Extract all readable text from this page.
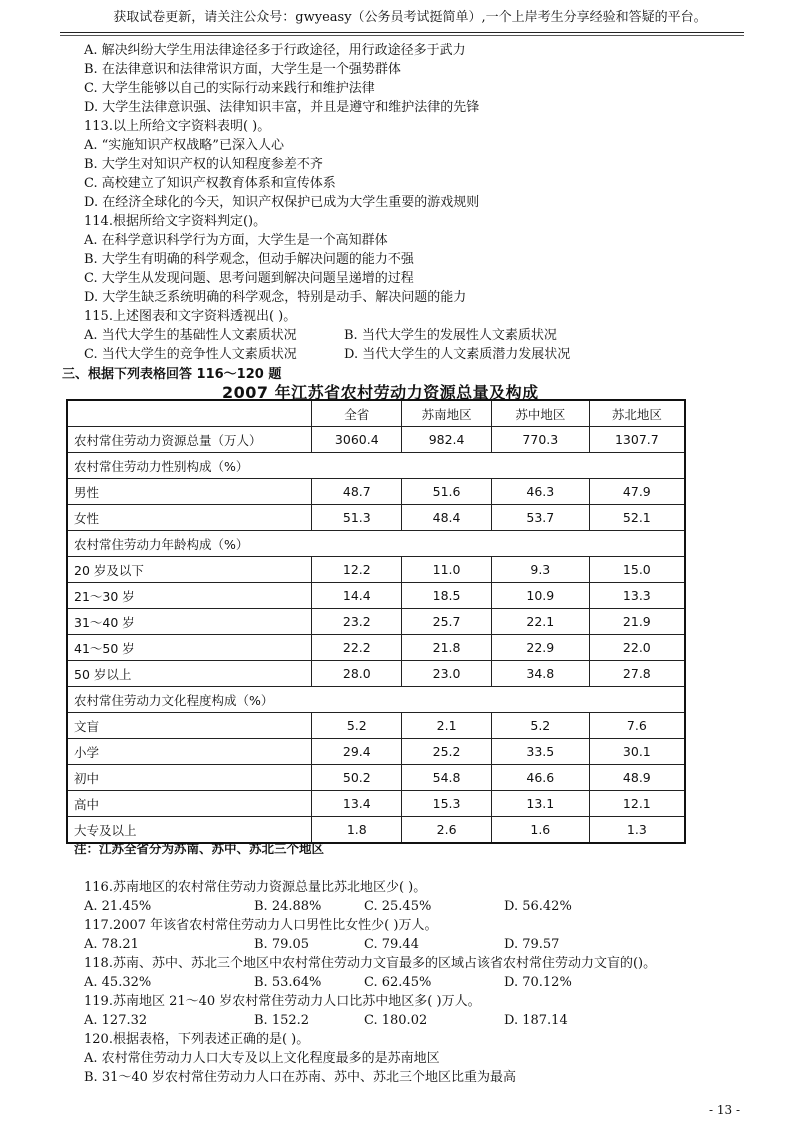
获取试卷更新，请关注公众号：gwyeasy（公务员考试挺简单）,一个上岸考生分享经验和答疑的平台。
A. 解决纠纷大学生用法律途径多于行政途径，用行政途径多于武力
B. 在法律意识和法律常识方面，大学生是一个强势群体
C. 大学生能够以自己的实际行动来践行和维护法律
D. 大学生法律意识强、法律知识丰富，并且是遵守和维护法律的先锋
113.以上所给文字资料表明( )。
A. “实施知识产权战略”已深入人心
B. 大学生对知识产权的认知程度参差不齐
C. 高校建立了知识产权教育体系和宣传体系
D. 在经济全球化的今天，知识产权保护已成为大学生重要的游戏规则
114.根据所给文字资料判定()。
A. 在科学意识科学行为方面，大学生是一个高知群体
B. 大学生有明确的科学观念，但动手解决问题的能力不强
C. 大学生从发现问题、思考问题到解决问题呈递增的过程
D. 大学生缺乏系统明确的科学观念，特别是动手、解决问题的能力
115.上述图表和文字资料透视出( )。
A. 当代大学生的基础性人文素质状况	B. 当代大学生的发展性人文素质状况
C. 当代大学生的竞争性人文素质状况	D. 当代大学生的人文素质潜力发展状况
三、根据下列表格回答 116～120 题
2007 年江苏省农村劳动力资源总量及构成
	全省	苏南地区	苏中地区	苏北地区
农村常住劳动力资源总量（万人）	3060.4	982.4	770.3	1307.7
农村常住劳动力性别构成（%）				
男性	48.7	51.6	46.3	47.9
女性	51.3	48.4	53.7	52.1
农村常住劳动力年龄构成（%）				
20 岁及以下	12.2	11.0	9.3	15.0
21～30 岁	14.4	18.5	10.9	13.3
31～40 岁	23.2	25.7	22.1	21.9
41～50 岁	22.2	21.8	22.9	22.0
50 岁以上	28.0	23.0	34.8	27.8
农村常住劳动力文化程度构成（%）				
文盲	5.2	2.1	5.2	7.6
小学	29.4	25.2	33.5	30.1
初中	50.2	54.8	46.6	48.9
高中	13.4	15.3	13.1	12.1
大专及以上	1.8	2.6	1.6	1.3
注：江苏全省分为苏南、苏中、苏北三个地区
116.苏南地区的农村常住劳动力资源总量比苏北地区少( )。
A. 21.45%	B. 24.88%	C. 25.45%	D. 56.42%
117.2007 年该省农村常住劳动力人口男性比女性少( )万人。
A. 78.21	B. 79.05	C. 79.44	D. 79.57
118.苏南、苏中、苏北三个地区中农村常住劳动力文盲最多的区域占该省农村常住劳动力文盲的()。
A. 45.32%	B. 53.64%	C. 62.45%	D. 70.12%
119.苏南地区 21～40 岁农村常住劳动力人口比苏中地区多( )万人。
A. 127.32	B. 152.2	C. 180.02	D. 187.14
120.根据表格，下列表述正确的是( )。
A. 农村常住劳动力人口大专及以上文化程度最多的是苏南地区
B. 31～40 岁农村常住劳动力人口在苏南、苏中、苏北三个地区比重为最高
- 13 -
